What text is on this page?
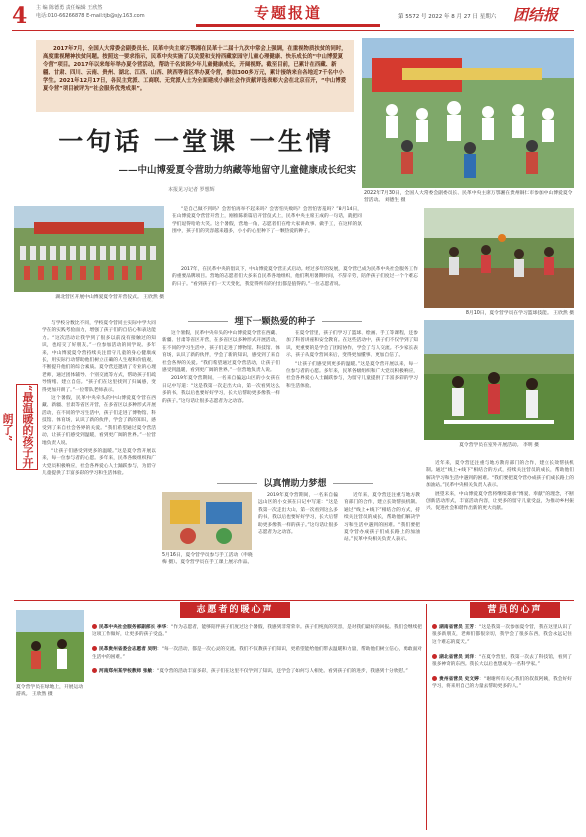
4 主 编 陈德勇 责任编辑 王欣然
电话:010-66266878 E-mail:tjb@sjy.163.com	专题报道	第 5572 号 2022 年 8 月 27 日 星期六 团结报
2017年7月，全国人大常委会副委员长、民革中央主席万鄂湘在民革十二届十九次中常会上强调，在重视物质扶贫的同时，高度重视精神扶贫问题。按照这一要求指示，民革中央实施了以关爱和支持西藏家园守儿童心理健康、快乐成长的“中山博爱夏令营”项目。2017年以来每年举办夏令营活动，帮助千名贫困少年儿童健康成长，开阔视野。截至目前，已累计在西藏、新疆、甘肃、四川、云南、贵州、湖北、江西、山西、陕西等省区举办夏令营，参加300多万元，累计接纳来自各地近7千名中小学生。2021年12月17日，各民主党派、工商联、无党派人士为全面建成小康社会作贡献评选表彰大会在北京召开，“中山博爱夏令营”项目被评为“社会服务优秀成果”。
2022年7月30日，全国人大常委会副委员长、民革中央主席万鄂湘在贵州铜仁市参加中山博爱夏令营活动。 刘德生 摄
一句话 一堂课 一生情
——中山博爱夏令营助力纳藏等地留守儿童健康成长纪实
本报见习记者 罗想辉
湖北营区开展中山博爱夏令营开营仪式。 王欣然 摄

“是自己做不到吗？会害怕再举不起来吗？会害怕失败吗？会害怕害羞吗？”8月14日，在山博爱夏令营营开营上，刚推陈新篇启开营仪式上，民革中央主席王成的一句话，就把同学们逗得哈哈大笑。这个暑假，营地一角，志愿者们在给大家讲故事、做手工，在这样的氛围中，孩子们的笑容越来越多，小小的心里种下了一颗热爱的种子。

8月10日，夏令营学员在学习篮球技能。 王欣然 摄

2017年，在民革中央的倡议下，中山博爱夏令营正式启动。经过多年的发展，夏令营已成为民革中央社会服务工作的重要品牌项目。营地的志愿者们大多来自民革各地组织，他们利用暑期时间，不辞辛劳，陪伴孩子们度过一个个难忘的日子。“看到孩子们一天天变化，我觉得所有的付出都是值得的。”一位志愿者说。

埋下一颗热爱的种子
“最温暖的孩子开朗了”

与学校分数比不同，学校夏令营同主实际中学大同学在的实践考验面力，增强了孩子们的自信心和表达能力。“这次活动让我学到了很多以前没有接触过的知识，也结交了好朋友。”一位参加活动的同学说。多年来，中山博爱夏令营持续关注留守儿童的身心健康成长，用实际行动帮助他们树立正确的人生观和价值观，不断提升他们的综合素质。夏令营还邀请了专业的心理老师，通过团体辅导、个别交流等方式，帮助孩子们疏导情绪、建立自信。“孩子们在这里找到了归属感，变得更加开朗了。”一位带队老师表示。

这个暑假，民革中央牵头的中山博爱夏令营在西藏、新疆、甘肃等省区开营，在多省区以多种形式开展活动，在不同的学习生活中，孩子们走进了博物馆、科技馆、体育场，认识了新的伙伴，学会了新的知识，感受到了来自社会各界的关爱。“我们希望通过夏令营活动，让孩子们感受到温暖，看到更广阔的世界。”一位营地负责人说。

“让孩子们感受到更多的温暖。”这是夏令营开展以来，每一位参与者的心愿。多年来，民革各级组织和广大党员积极响应，社会各界爱心人士踊跃参与，为留守儿童提供了丰富多彩的学习和生活体验。

这个暑假，民革中央牵头的中山博爱夏令营在西藏、新疆、甘肃等省区开营，在多省区以多种形式开展活动，在不同的学习生活中，孩子们走进了博物馆、科技馆、体育场，认识了新的伙伴，学会了新的知识，感受到了来自社会各界的关爱。“我们希望通过夏令营活动，让孩子们感受到温暖，看到更广阔的世界。”一位营地负责人说。

2019年夏令营期间，一名来自偏远山区的小女孩在日记中写道：“这是我第一次走出大山，第一次看到这么多的书，我以后也要好好学习，长大后帮助更多像我一样的孩子。”这句话让很多志愿者为之动容。

在夏令营里，孩子们学习了篮球、绘画、手工等课程，还参加了科普讲座和安全教育。在这些活动中，孩子们不仅学到了知识，更重要的是学会了团结协作，学会了与人交流。不少家长表示，孩子从夏令营回来后，变得更加懂事、更加自信了。

“让孩子们感受到更多的温暖。”这是夏令营开展以来，每一位参与者的心愿。多年来，民革各级组织和广大党员积极响应，社会各界爱心人士踊跃参与，为留守儿童提供了丰富多彩的学习和生活体验。

夏令营学员在室外开展活动。 李明 摄
以真情助力梦想
5月16日，夏令营学员参与手工活动（申晓梅 摄）。夏令营学员在手工课上展示作品。

2019年夏令营期间，一名来自偏远山区的小女孩在日记中写道：“这是我第一次走出大山，第一次看到这么多的书，我以后也要好好学习，长大后帮助更多像我一样的孩子。”这句话让很多志愿者为之动容。

近年来，夏令营还注重与地方教育部门的合作，建立长效帮扶机制。通过“线上+线下”相结合的方式，持续关注营员的成长，帮助他们解决学习和生活中遇到的困难。“我们要把夏令营办成孩子们成长路上的加油站。”民革中央相关负责人表示。

近年来，夏令营还注重与地方教育部门的合作，建立长效帮扶机制。通过“线上+线下”相结合的方式，持续关注营员的成长，帮助他们解决学习和生活中遇到的困难。“我们要把夏令营办成孩子们成长路上的加油站。”民革中央相关负责人表示。

展望未来，中山博爱夏令营将继续秉承“博爱、奉献”的理念，不断创新活动形式，丰富活动内容，让更多的留守儿童受益，为推动乡村振兴、促进社会和谐作出新的更大贡献。

夏令营学员在绿地上，开展运动游戏。 王欣然 摄
志愿者的暖心声	营员的心声

民革中央社会服务部副部长 李华：“作为志愿者，能够陪伴孩子们度过这个暑假，我感到非常荣幸。孩子们纯真的笑容，是对我们最好的回报。我们会继续把这项工作做好，让更多的孩子受益。”

民革贵州省委会志愿者 吴明：“每一次活动，都是一次心灵的交流。我们不仅教孩子们知识，更希望能给他们带去温暖和力量，帮助他们树立信心，勇敢面对生活中的困难。”

河南郑州某学校教师 张敏：“夏令营的活动丰富多彩，孩子们在这里不仅学到了知识，还学会了如何与人相处。看到孩子们的进步，我感到十分欣慰。”

湖南省营员 王芳：“这是我第一次参加夏令营，我在这里认识了很多新朋友，老师们都很亲切，我学会了很多东西，我会永远记住这个难忘的夏天。”

湖北省营员 刘洋：“在夏令营里，我第一次去了科技馆，看到了很多神奇的东西。我长大以后也想成为一名科学家。”

贵州省营员 史文婷：“谢谢所有关心我们的叔叔阿姨，我会好好学习，将来用自己的力量去帮助更多的人。”
